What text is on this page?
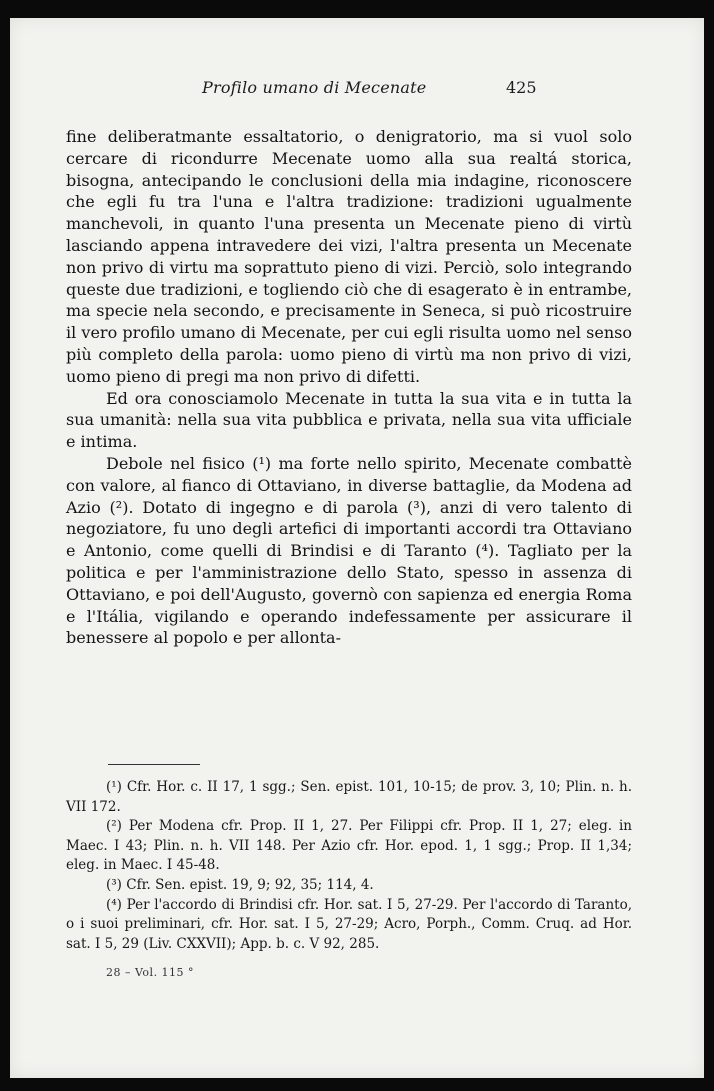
Profilo umano di Mecenate	425

fine deliberatmante essaltatorio, o denigratorio, ma si vuol solo cercare di ricondurre Mecenate uomo alla sua realtá storica, bisogna, antecipando le conclusioni della mia indagine, riconoscere che egli fu tra l'una e l'altra tradizione: tradizioni ugualmente manchevoli, in quanto l'una presenta un Mecenate pieno di virtù lasciando appena intravedere dei vizi, l'altra presenta un Mecenate non privo di virtu ma soprattuto pieno di vizi. Perciò, solo integrando queste due tradizioni, e togliendo ciò che di esagerato è in entrambe, ma specie nela secondo, e precisamente in Seneca, si può ricostruire il vero profilo umano di Mecenate, per cui egli risulta uomo nel senso più completo della parola: uomo pieno di virtù ma non privo di vizi, uomo pieno di pregi ma non privo di difetti.

Ed ora conosciamolo Mecenate in tutta la sua vita e in tutta la sua umanità: nella sua vita pubblica e privata, nella sua vita ufficiale e intima.

Debole nel fisico (¹) ma forte nello spirito, Mecenate combattè con valore, al fianco di Ottaviano, in diverse battaglie, da Modena ad Azio (²). Dotato di ingegno e di parola (³), anzi di vero talento di negoziatore, fu uno degli artefici di importanti accordi tra Ottaviano e Antonio, come quelli di Brindisi e di Taranto (⁴). Tagliato per la politica e per l'amministrazione dello Stato, spesso in assenza di Ottaviano, e poi dell'Augusto, governò con sapienza ed energia Roma e l'Itália, vigilando e operando indefessamente per assicurare il benessere al popolo e per allonta-

(¹) Cfr. Hor. c. II 17, 1 sgg.; Sen. epist. 101, 10-15; de prov. 3, 10; Plin. n. h. VII 172.

(²) Per Modena cfr. Prop. II 1, 27. Per Filippi cfr. Prop. II 1, 27; eleg. in Maec. I 43; Plin. n. h. VII 148. Per Azio cfr. Hor. epod. 1, 1 sgg.; Prop. II 1,34; eleg. in Maec. I 45-48.

(³) Cfr. Sen. epist. 19, 9; 92, 35; 114, 4.

(⁴) Per l'accordo di Brindisi cfr. Hor. sat. I 5, 27-29. Per l'accordo di Taranto, o i suoi preliminari, cfr. Hor. sat. I 5, 27-29; Acro, Porph., Comm. Cruq. ad Hor. sat. I 5, 29 (Liv. CXXVII); App. b. c. V 92, 285.

28 – Vol. 115 °
